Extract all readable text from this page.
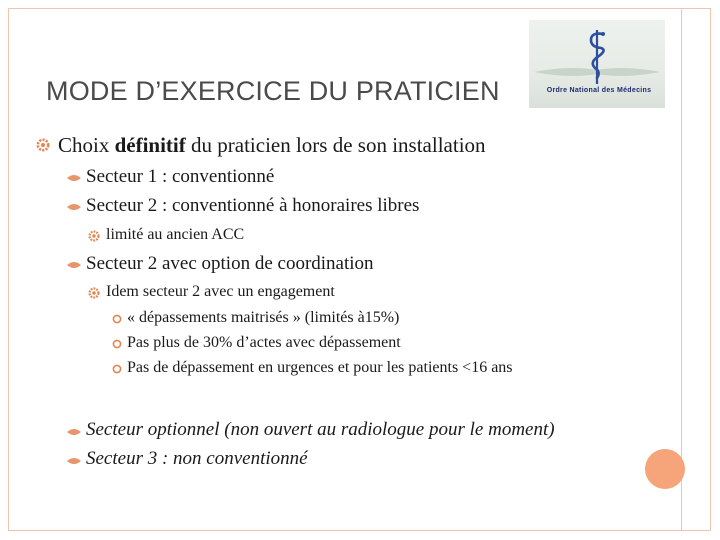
MODE D’EXERCICE DU PRATICIEN	Ordre National des Médecins
Choix définitif du praticien lors de son installation
Secteur 1 : conventionné
Secteur 2 : conventionné à honoraires libres
limité au ancien ACC
Secteur 2 avec option de coordination
Idem secteur 2 avec un engagement
« dépassements maitrisés » (limités à15%)
Pas plus de 30% d’actes avec dépassement
Pas de dépassement en urgences et pour les patients <16 ans
Secteur optionnel (non ouvert au radiologue pour le moment)
Secteur 3 : non conventionné
